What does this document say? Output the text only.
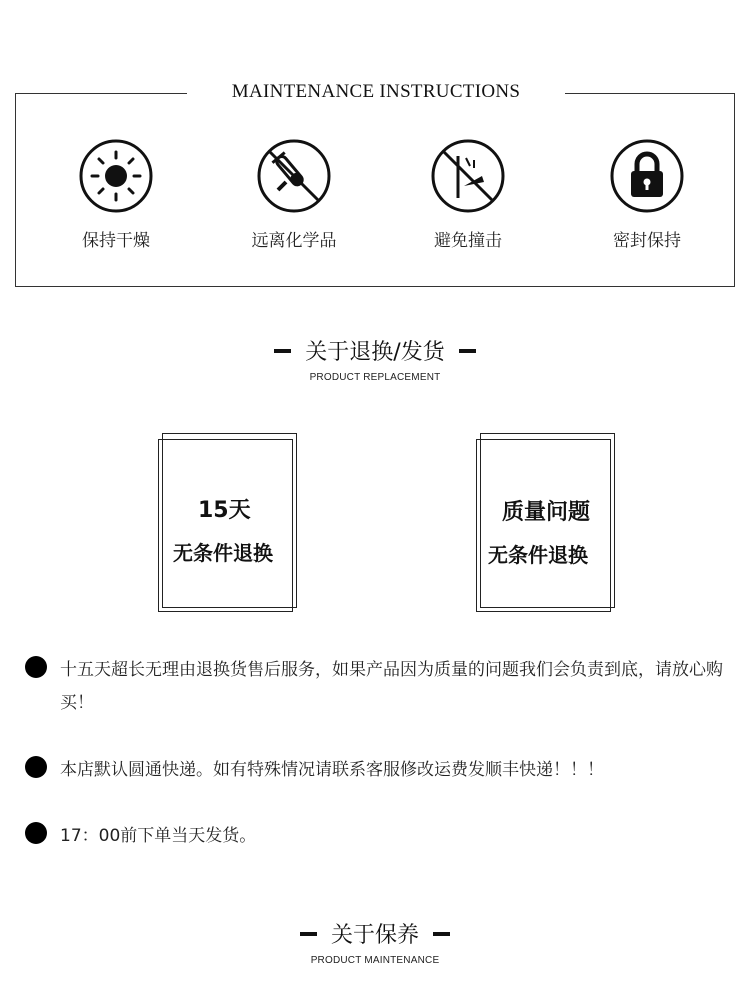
MAINTENANCE INSTRUCTIONS
保持干燥	远离化学品	避免撞击	密封保持
关于退换/发货
PRODUCT REPLACEMENT
15天
无条件退换
质量问题
无条件退换
十五天超长无理由退换货售后服务，如果产品因为质量的问题我们会负责到底，请放心购买！
本店默认圆通快递。如有特殊情况请联系客服修改运费发顺丰快递！！！
17：00前下单当天发货。
关于保养
PRODUCT MAINTENANCE
